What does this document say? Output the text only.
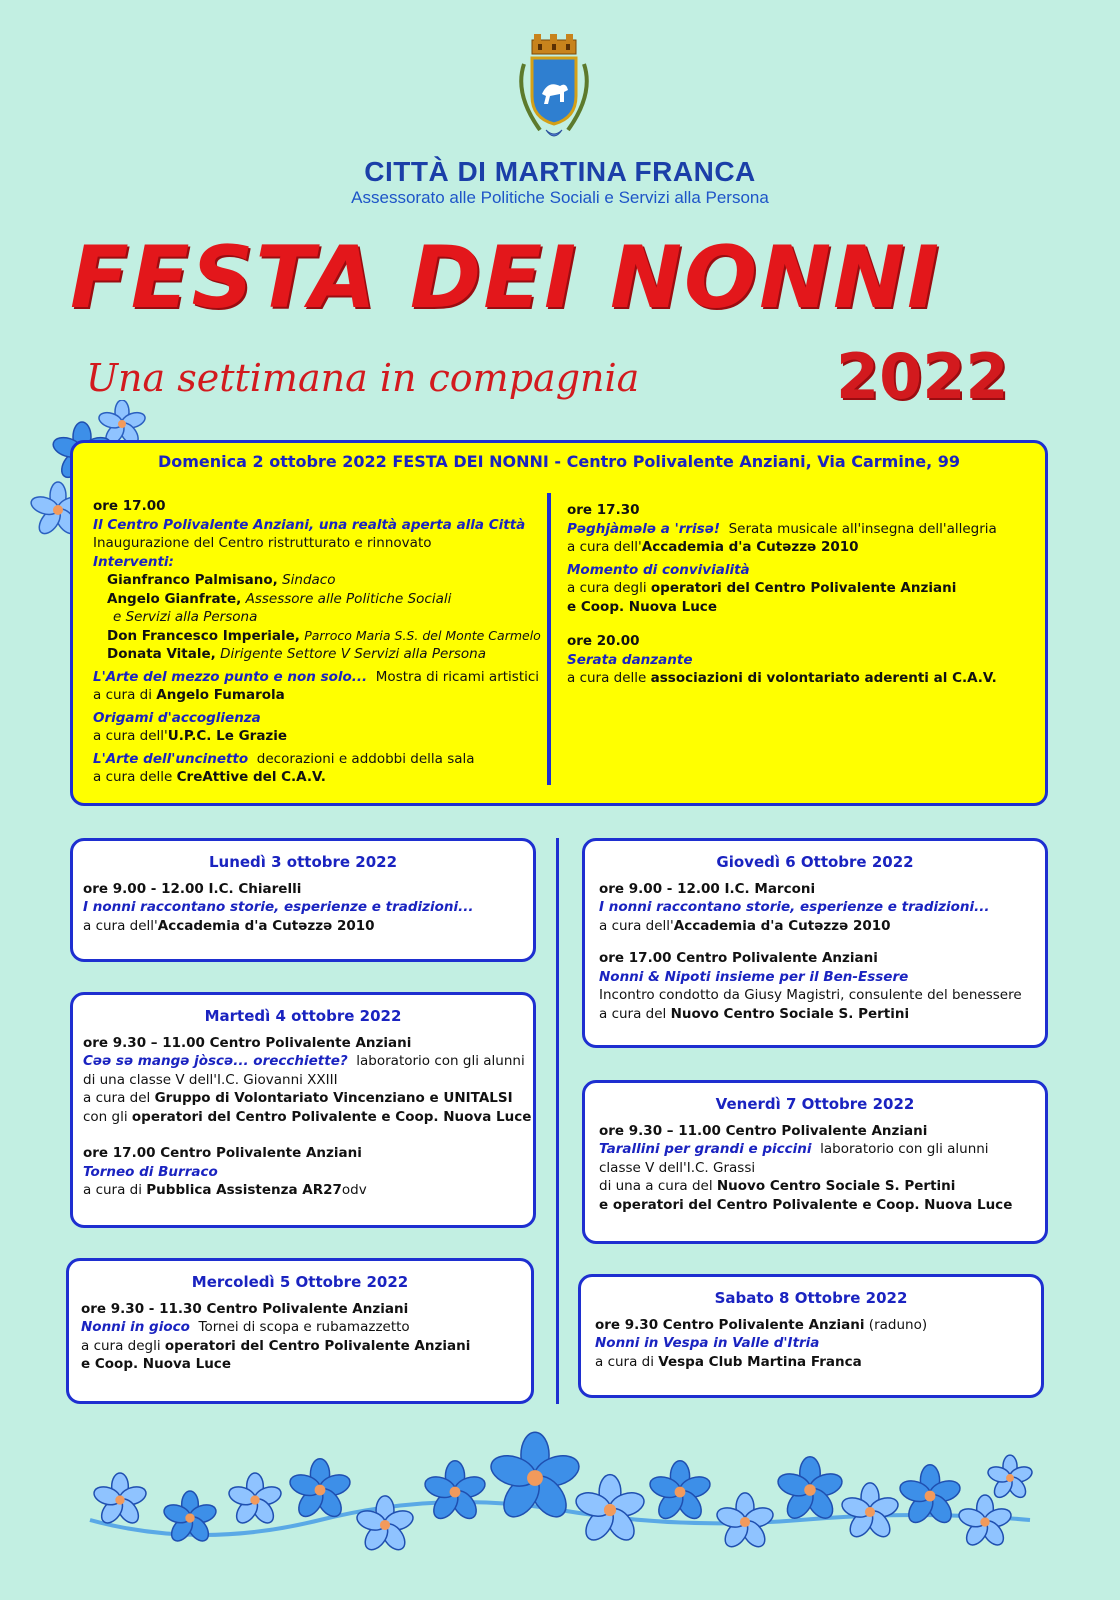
CITTÀ DI MARTINA FRANCA
Assessorato alle Politiche Sociali e Servizi alla Persona
FESTA DEI NONNI
Una settimana in compagnia	2022
Domenica 2 ottobre 2022 FESTA DEI NONNI - Centro Polivalente Anziani, Via Carmine, 99
ore 17.00
Il Centro Polivalente Anziani, una realtà aperta alla Città
Inaugurazione del Centro ristrutturato e rinnovato
Interventi:
Gianfranco Palmisano, Sindaco
Angelo Gianfrate, Assessore alle Politiche Sociali
e Servizi alla Persona
Don Francesco Imperiale, Parroco Maria S.S. del Monte Carmelo
Donata Vitale, Dirigente Settore V Servizi alla Persona
L'Arte del mezzo punto e non solo... Mostra di ricami artistici
a cura di Angelo Fumarola
Origami d'accoglienza
a cura dell'U.P.C. Le Grazie
L'Arte dell'uncinetto decorazioni e addobbi della sala
a cura delle CreAttive del C.A.V.
ore 17.30
Pəghjàmələ a 'rrisə! Serata musicale all'insegna dell'allegria
a cura dell'Accademia d'a Cutəzzə 2010
Momento di convivialità
a cura degli operatori del Centro Polivalente Anziani
e Coop. Nuova Luce
ore 20.00
Serata danzante
a cura delle associazioni di volontariato aderenti al C.A.V.
Lunedì 3 ottobre 2022
ore 9.00 - 12.00 I.C. Chiarelli
I nonni raccontano storie, esperienze e tradizioni...
a cura dell'Accademia d'a Cutəzzə 2010
Martedì 4 ottobre 2022
ore 9.30 – 11.00 Centro Polivalente Anziani
Cəə sə mangə jòscə... orecchiette? laboratorio con gli alunni
di una classe V dell'I.C. Giovanni XXIII
a cura del Gruppo di Volontariato Vincenziano e UNITALSI
con gli operatori del Centro Polivalente e Coop. Nuova Luce
ore 17.00 Centro Polivalente Anziani
Torneo di Burraco
a cura di Pubblica Assistenza AR27odv
Mercoledì 5 Ottobre 2022
ore 9.30 - 11.30 Centro Polivalente Anziani
Nonni in gioco Tornei di scopa e rubamazzetto
a cura degli operatori del Centro Polivalente Anziani
e Coop. Nuova Luce
Giovedì 6 Ottobre 2022
ore 9.00 - 12.00 I.C. Marconi
I nonni raccontano storie, esperienze e tradizioni...
a cura dell'Accademia d'a Cutəzzə 2010
ore 17.00 Centro Polivalente Anziani
Nonni & Nipoti insieme per il Ben-Essere
Incontro condotto da Giusy Magistri, consulente del benessere
a cura del Nuovo Centro Sociale S. Pertini
Venerdì 7 Ottobre 2022
ore 9.30 – 11.00 Centro Polivalente Anziani
Tarallini per grandi e piccini laboratorio con gli alunni
classe V dell'I.C. Grassi
di una a cura del Nuovo Centro Sociale S. Pertini
e operatori del Centro Polivalente e Coop. Nuova Luce
Sabato 8 Ottobre 2022
ore 9.30 Centro Polivalente Anziani (raduno)
Nonni in Vespa in Valle d'Itria
a cura di Vespa Club Martina Franca
